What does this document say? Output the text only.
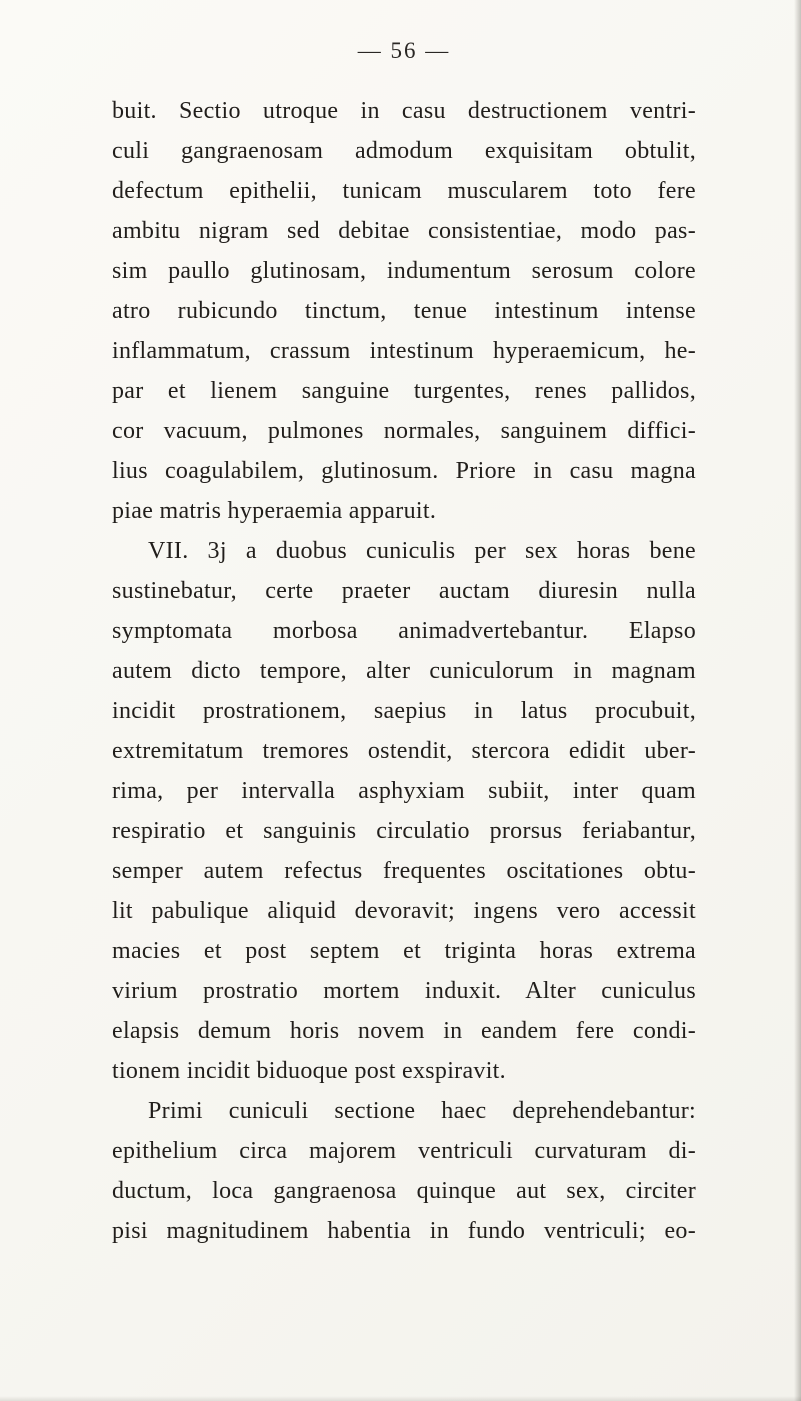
— 56 —
buit. Sectio utroque in casu destructionem ventri-
culi gangraenosam admodum exquisitam obtulit,
defectum epithelii, tunicam muscularem toto fere
ambitu nigram sed debitae consistentiae, modo pas-
sim paullo glutinosam, indumentum serosum colore
atro rubicundo tinctum, tenue intestinum intense
inflammatum, crassum intestinum hyperaemicum, he-
par et lienem sanguine turgentes, renes pallidos,
cor vacuum, pulmones normales, sanguinem diffici-
lius coagulabilem, glutinosum. Priore in casu magna
piae matris hyperaemia apparuit.
VII. 3j a duobus cuniculis per sex horas bene
sustinebatur, certe praeter auctam diuresin nulla
symptomata morbosa animadvertebantur. Elapso
autem dicto tempore, alter cuniculorum in magnam
incidit prostrationem, saepius in latus procubuit,
extremitatum tremores ostendit, stercora edidit uber-
rima, per intervalla asphyxiam subiit, inter quam
respiratio et sanguinis circulatio prorsus feriabantur,
semper autem refectus frequentes oscitationes obtu-
lit pabulique aliquid devoravit; ingens vero accessit
macies et post septem et triginta horas extrema
virium prostratio mortem induxit. Alter cuniculus
elapsis demum horis novem in eandem fere condi-
tionem incidit biduoque post exspiravit.
Primi cuniculi sectione haec deprehendebantur:
epithelium circa majorem ventriculi curvaturam di-
ductum, loca gangraenosa quinque aut sex, circiter
pisi magnitudinem habentia in fundo ventriculi; eo-
